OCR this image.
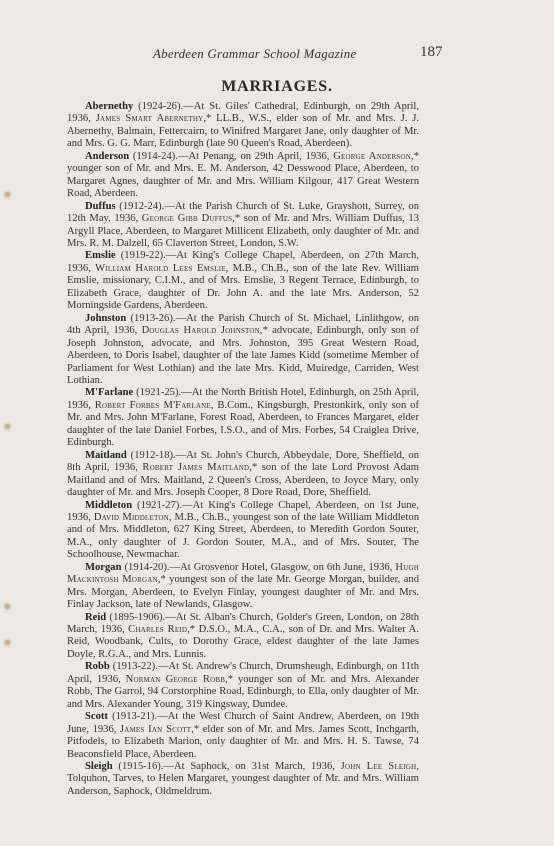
Aberdeen Grammar School Magazine	187
MARRIAGES.

Abernethy (1924-26).—At St. Giles' Cathedral, Edinburgh, on 29th April, 1936, James Smart Abernethy,* LL.B., W.S., elder son of Mr. and Mrs. J. J. Abernethy, Balmain, Fettercairn, to Winifred Margaret Jane, only daughter of Mr. and Mrs. G. G. Marr, Edinburgh (late 90 Queen's Road, Aberdeen).

Anderson (1914-24).—At Penang, on 29th April, 1936, George Anderson,* younger son of Mr. and Mrs. E. M. Anderson, 42 Desswood Place, Aberdeen, to Margaret Agnes, daughter of Mr. and Mrs. William Kilgour, 417 Great Western Road, Aberdeen.

Duffus (1912-24).—At the Parish Church of St. Luke, Grayshott, Surrey, on 12th May, 1936, George Gibb Duffus,* son of Mr. and Mrs. William Duffus, 13 Argyll Place, Aberdeen, to Margaret Millicent Elizabeth, only daughter of Mr. and Mrs. R. M. Dalzell, 65 Claverton Street, London, S.W.

Emslie (1919-22).—At King's College Chapel, Aberdeen, on 27th March, 1936, William Harold Lees Emslie, M.B., Ch.B., son of the late Rev. William Emslie, missionary, C.I.M., and of Mrs. Emslie, 3 Regent Terrace, Edinburgh, to Elizabeth Grace, daughter of Dr. John A. and the late Mrs. Anderson, 52 Morningside Gardens, Aberdeen.

Johnston (1913-26).—At the Parish Church of St. Michael, Linlithgow, on 4th April, 1936, Douglas Harold Johnston,* advocate, Edinburgh, only son of Joseph Johnston, advocate, and Mrs. Johnston, 395 Great Western Road, Aberdeen, to Doris Isabel, daughter of the late James Kidd (sometime Member of Parliament for West Lothian) and the late Mrs. Kidd, Muiredge, Carriden, West Lothian.

M'Farlane (1921-25).—At the North British Hotel, Edinburgh, on 25th April, 1936, Robert Forbes M'Farlane, B.Com., Kingsburgh, Prestonkirk, only son of Mr. and Mrs. John M'Farlane, Forest Road, Aberdeen, to Frances Margaret, elder daughter of the late Daniel Forbes, I.S.O., and of Mrs. Forbes, 54 Craiglea Drive, Edinburgh.

Maitland (1912-18).—At St. John's Church, Abbeydale, Dore, Sheffield, on 8th April, 1936, Robert James Maitland,* son of the late Lord Provost Adam Maitland and of Mrs. Maitland, 2 Queen's Cross, Aberdeen, to Joyce Mary, only daughter of Mr. and Mrs. Joseph Cooper, 8 Dore Road, Dore, Sheffield.

Middleton (1921-27).—At King's College Chapel, Aberdeen, on 1st June, 1936, David Middleton, M.B., Ch.B., youngest son of the late William Middleton and of Mrs. Middleton, 627 King Street, Aberdeen, to Meredith Gordon Souter, M.A., only daughter of J. Gordon Souter, M.A., and of Mrs. Souter, The Schoolhouse, Newmachar.

Morgan (1914-20).—At Grosvenor Hotel, Glasgow, on 6th June, 1936, Hugh Mackintosh Morgan,* youngest son of the late Mr. George Morgan, builder, and Mrs. Morgan, Aberdeen, to Evelyn Finlay, youngest daughter of Mr. and Mrs. Finlay Jackson, late of Newlands, Glasgow.

Reid (1895-1906).—At St. Alban's Church, Golder's Green, London, on 28th March, 1936, Charles Reid,* D.S.O., M.A., C.A., son of Dr. and Mrs. Walter A. Reid, Woodbank, Cults, to Dorothy Grace, eldest daughter of the late James Doyle, R.G.A., and Mrs. Lunnis.

Robb (1913-22).—At St. Andrew's Church, Drumsheugh, Edinburgh, on 11th April, 1936, Norman George Robb,* younger son of Mr. and Mrs. Alexander Robb, The Garrol, 94 Corstorphine Road, Edinburgh, to Ella, only daughter of Mr. and Mrs. Alexander Young, 319 Kingsway, Dundee.

Scott (1913-21).—At the West Church of Saint Andrew, Aberdeen, on 19th June, 1936, James Ian Scott,* elder son of Mr. and Mrs. James Scott, Inchgarth, Pitfodels, to Elizabeth Marion, only daughter of Mr. and Mrs. H. S. Tawse, 74 Beaconsfield Place, Aberdeen.

Sleigh (1915-16).—At Saphock, on 31st March, 1936, John Lee Sleigh, Tolquhon, Tarves, to Helen Margaret, youngest daughter of Mr. and Mrs. William Anderson, Saphock, Oldmeldrum.
